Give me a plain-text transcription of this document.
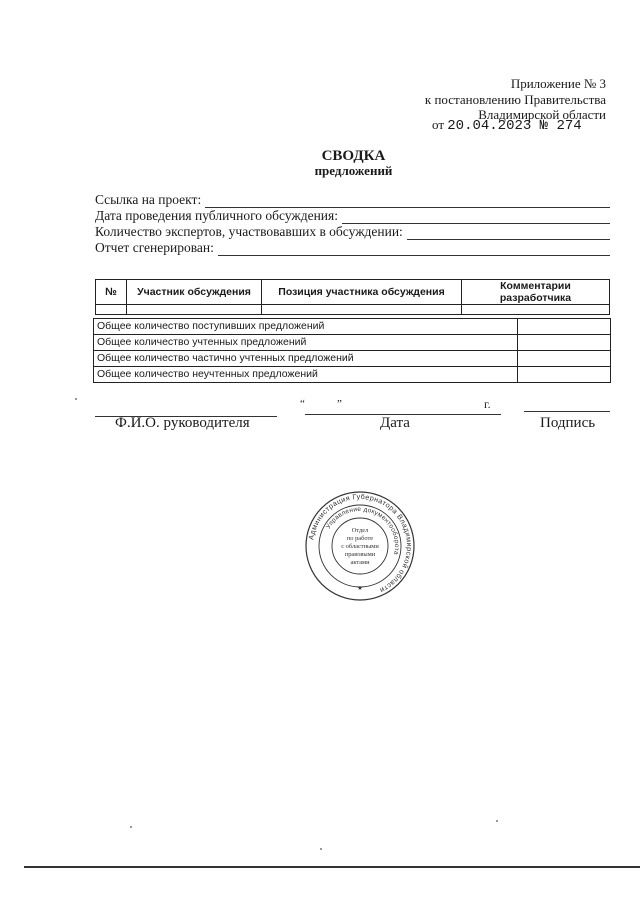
Приложение № 3
к постановлению Правительства
Владимирской области
от 20.04.2023 № 274
СВОДКА
предложений
Ссылка на проект:
Дата проведения публичного обсуждения:
Количество экспертов, участвовавших в обсуждении:
Отчет сгенерирован:
№	Участник обсуждения	Позиция участника обсуждения	Комментарии разработчика

Общее количество поступивших предложений	
Общее количество учтенных предложений	
Общее количество частично учтенных предложений	
Общее количество неучтенных предложений	
“	”	г.
Ф.И.О. руководителя	Дата	Подпись
Администрация Губернатора Владимирской области
Управление документооборота
Отдел
по работе
с областными
правовыми
актами
★
